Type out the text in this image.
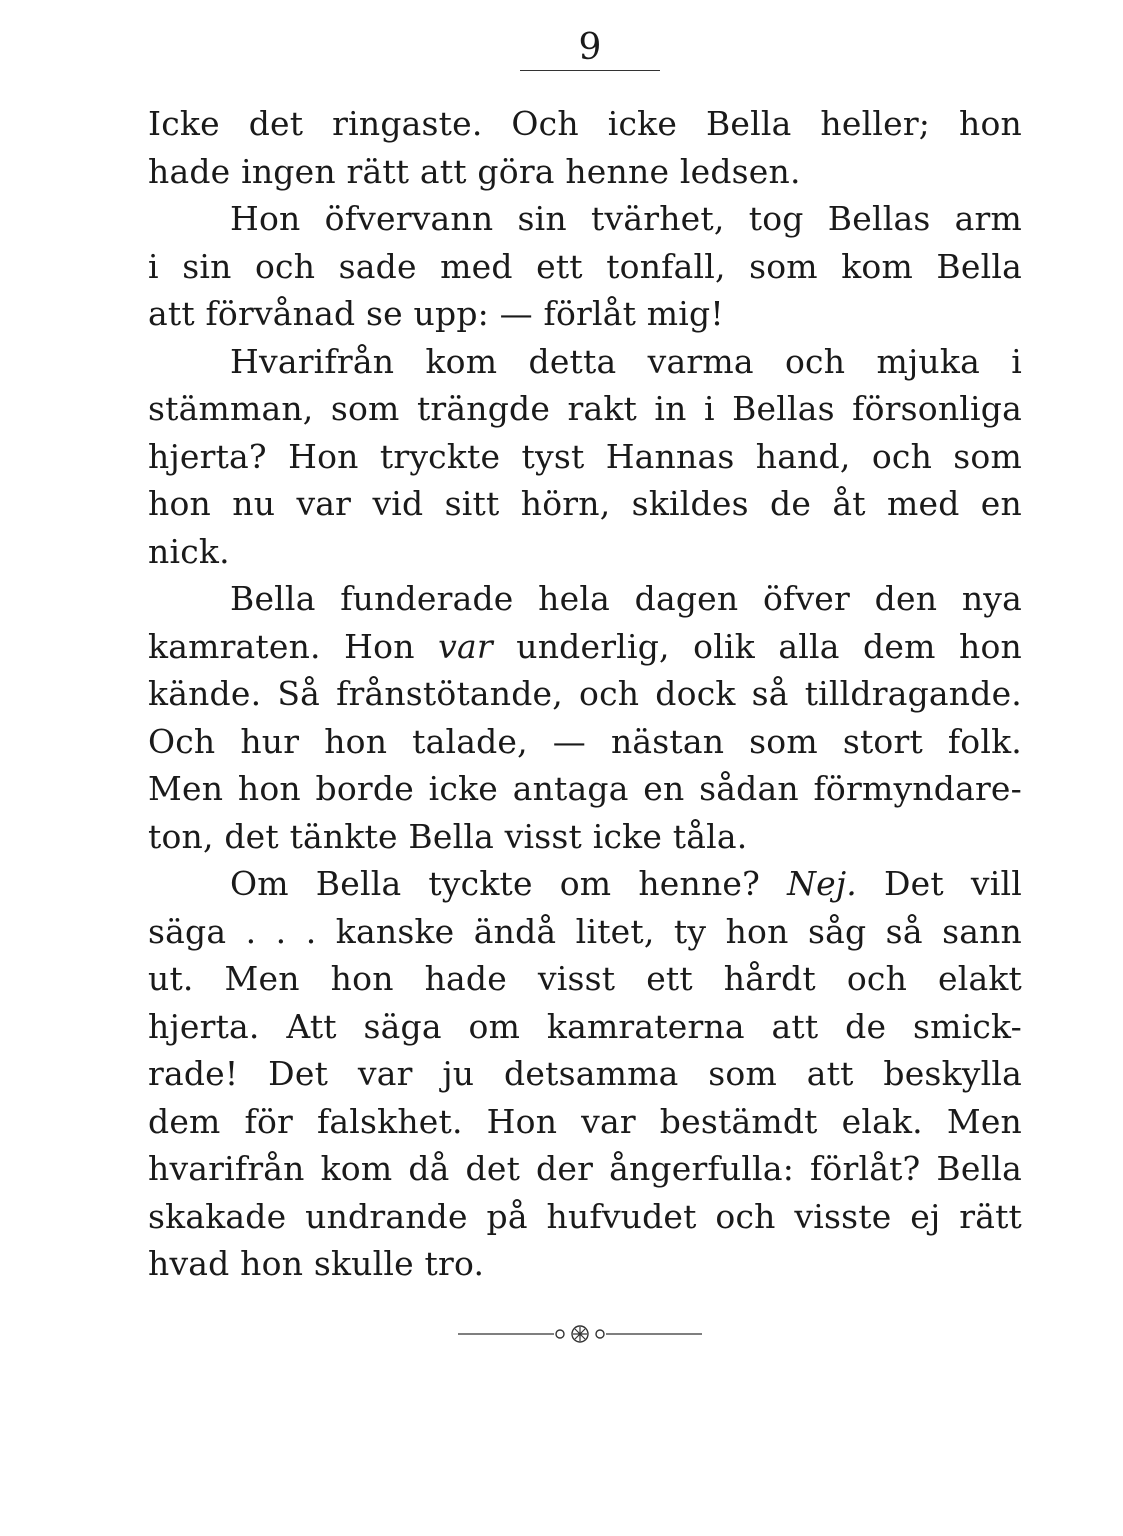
9

Icke det ringaste. Och icke Bella heller; hon
hade ingen rätt att göra henne ledsen.

Hon öfvervann sin tvärhet, tog Bellas arm
i sin och sade med ett tonfall, som kom Bella
att förvånad se upp: — förlåt mig!

Hvarifrån kom detta varma och mjuka i
stämman, som trängde rakt in i Bellas försonliga
hjerta? Hon tryckte tyst Hannas hand, och som
hon nu var vid sitt hörn, skildes de åt med en
nick.

Bella funderade hela dagen öfver den nya
kamraten. Hon var underlig, olik alla dem hon
kände. Så frånstötande, och dock så tilldragande.
Och hur hon talade, — nästan som stort folk.
Men hon borde icke antaga en sådan förmyndare-
ton, det tänkte Bella visst icke tåla.

Om Bella tyckte om henne? Nej. Det vill
säga . . . kanske ändå litet, ty hon såg så sann
ut. Men hon hade visst ett hårdt och elakt
hjerta. Att säga om kamraterna att de smick-
rade! Det var ju detsamma som att beskylla
dem för falskhet. Hon var bestämdt elak. Men
hvarifrån kom då det der ångerfulla: förlåt? Bella
skakade undrande på hufvudet och visste ej rätt
hvad hon skulle tro.
